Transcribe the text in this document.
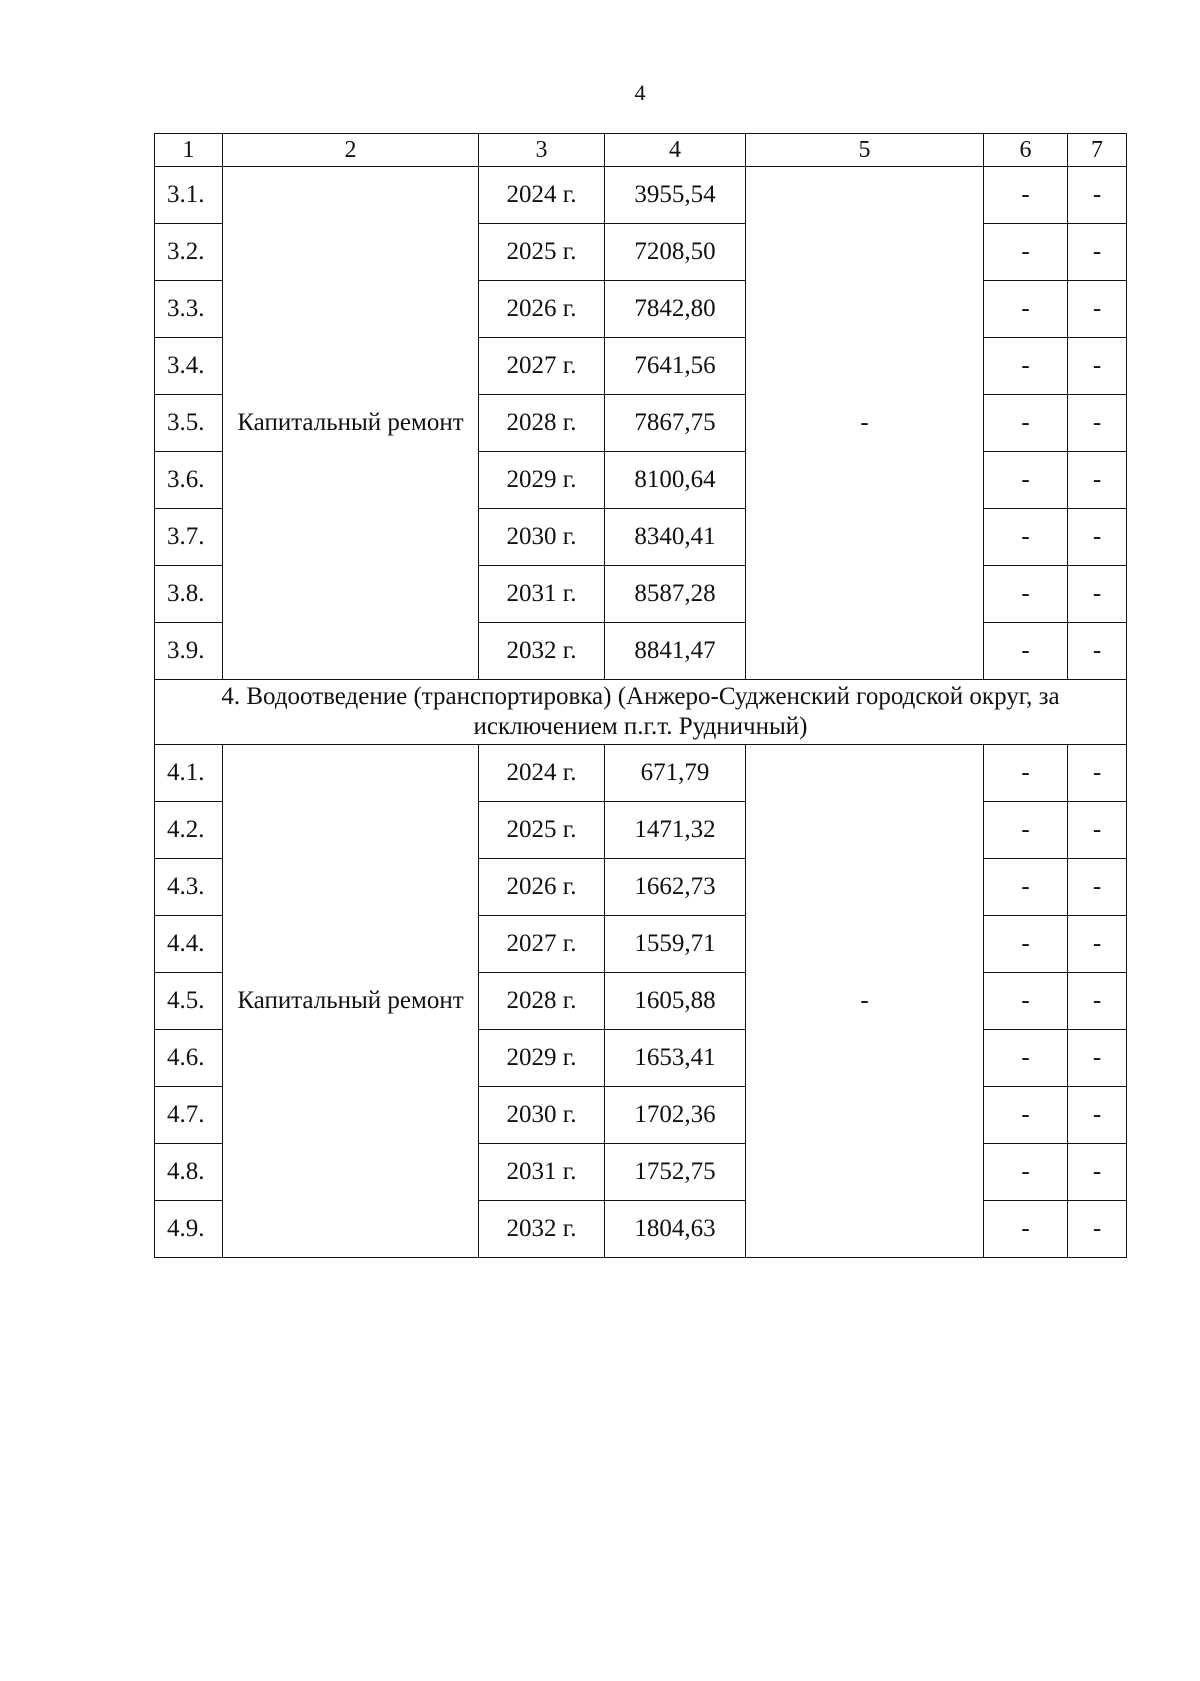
4
1	2	3	4	5	6	7
3.1.	Капитальный ремонт	2024 г.	3955,54	-	-	-
3.2.		2025 г.	7208,50		-	-
3.3.		2026 г.	7842,80		-	-
3.4.		2027 г.	7641,56		-	-
3.5.		2028 г.	7867,75		-	-
3.6.		2029 г.	8100,64		-	-
3.7.		2030 г.	8340,41		-	-
3.8.		2031 г.	8587,28		-	-
3.9.		2032 г.	8841,47		-	-
4. Водоотведение (транспортировка) (Анжеро-Судженский городской округ, за исключением п.г.т. Рудничный)						
4.1.	Капитальный ремонт	2024 г.	671,79	-	-	-
4.2.		2025 г.	1471,32		-	-
4.3.		2026 г.	1662,73		-	-
4.4.		2027 г.	1559,71		-	-
4.5.		2028 г.	1605,88		-	-
4.6.		2029 г.	1653,41		-	-
4.7.		2030 г.	1702,36		-	-
4.8.		2031 г.	1752,75		-	-
4.9.		2032 г.	1804,63		-	-
